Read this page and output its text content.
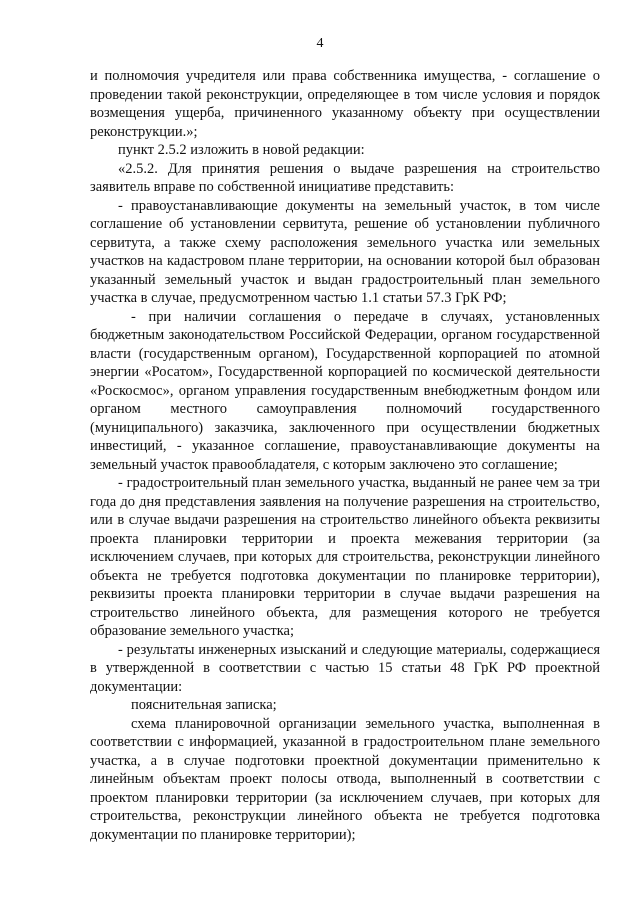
4

и полномочия учредителя или права собственника имущества, - соглашение о проведении такой реконструкции, определяющее в том числе условия и порядок возмещения ущерба, причиненного указанному объекту при осуществлении реконструкции.»;

пункт 2.5.2 изложить в новой редакции:

«2.5.2. Для принятия решения о выдаче разрешения на строительство заявитель вправе по собственной инициативе представить:

- правоустанавливающие документы на земельный участок, в том числе соглашение об установлении сервитута, решение об установлении публичного сервитута, а также схему расположения земельного участка или земельных участков на кадастровом плане территории, на основании которой был образован указанный земельный участок и выдан градостроительный план земельного участка в случае, предусмотренном частью 1.1 статьи 57.3 ГрК РФ;

- при наличии соглашения о передаче в случаях, установленных бюджетным законодательством Российской Федерации, органом государственной власти (государственным органом), Государственной корпорацией по атомной энергии «Росатом», Государственной корпорацией по космической деятельности «Роскосмос», органом управления государственным внебюджетным фондом или органом местного самоуправления полномочий государственного (муниципального) заказчика, заключенного при осуществлении бюджетных инвестиций, - указанное соглашение, правоустанавливающие документы на земельный участок правообладателя, с которым заключено это соглашение;

- градостроительный план земельного участка, выданный не ранее чем за три года до дня представления заявления на получение разрешения на строительство, или в случае выдачи разрешения на строительство линейного объекта реквизиты проекта планировки территории и проекта межевания территории (за исключением случаев, при которых для строительства, реконструкции линейного объекта не требуется подготовка документации по планировке территории), реквизиты проекта планировки территории в случае выдачи разрешения на строительство линейного объекта, для размещения которого не требуется образование земельного участка;

- результаты инженерных изысканий и следующие материалы, содержащиеся в утвержденной в соответствии с частью 15 статьи 48 ГрК РФ проектной документации:

пояснительная записка;

схема планировочной организации земельного участка, выполненная в соответствии с информацией, указанной в градостроительном плане земельного участка, а в случае подготовки проектной документации применительно к линейным объектам проект полосы отвода, выполненный в соответствии с проектом планировки территории (за исключением случаев, при которых для строительства, реконструкции линейного объекта не требуется подготовка документации по планировке территории);
